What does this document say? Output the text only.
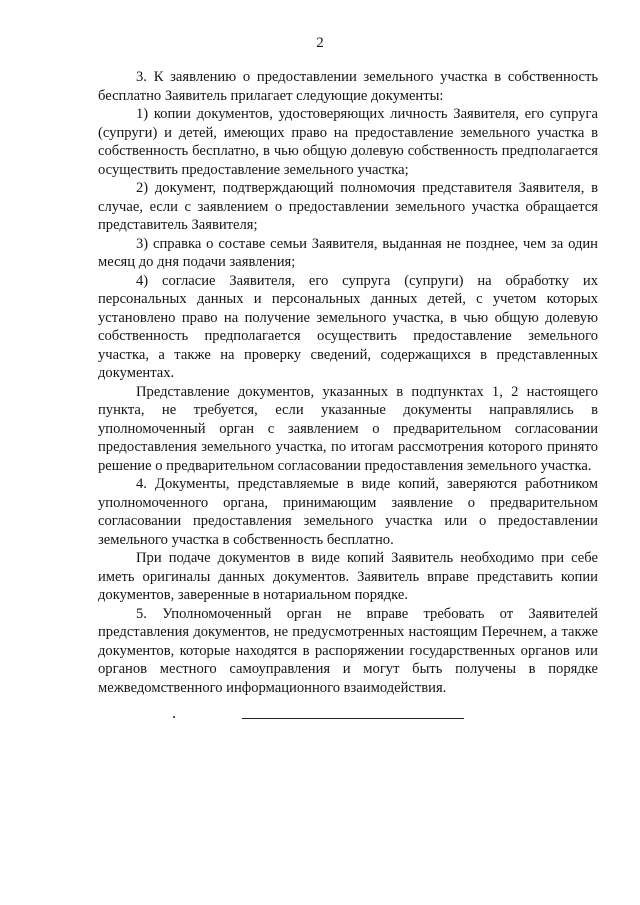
2

3. К заявлению о предоставлении земельного участка в собственность бесплатно Заявитель прилагает следующие документы:

1) копии документов, удостоверяющих личность Заявителя, его супруга (супруги) и детей, имеющих право на предоставление земельного участка в собственность бесплатно, в чью общую долевую собственность предполагается осуществить предоставление земельного участка;

2) документ, подтверждающий полномочия представителя Заявителя, в случае, если с заявлением о предоставлении земельного участка обращается представитель Заявителя;

3) справка о составе семьи Заявителя, выданная не позднее, чем за один месяц до дня подачи заявления;

4) согласие Заявителя, его супруга (супруги) на обработку их персональных данных и персональных данных детей, с учетом которых установлено право на получение земельного участка, в чью общую долевую собственность предполагается осуществить предоставление земельного участка, а также на проверку сведений, содержащихся в представленных документах.

Представление документов, указанных в подпунктах 1, 2 настоящего пункта, не требуется, если указанные документы направлялись в уполномоченный орган с заявлением о предварительном согласовании предоставления земельного участка, по итогам рассмотрения которого принято решение о предварительном согласовании предоставления земельного участка.

4. Документы, представляемые в виде копий, заверяются работником уполномоченного органа, принимающим заявление о предварительном согласовании предоставления земельного участка или о предоставлении земельного участка в собственность бесплатно.

При подаче документов в виде копий Заявитель необходимо при себе иметь оригиналы данных документов. Заявитель вправе представить копии документов, заверенные в нотариальном порядке.

5. Уполномоченный орган не вправе требовать от Заявителей представления документов, не предусмотренных настоящим Перечнем, а также документов, которые находятся в распоряжении государственных органов или органов местного самоуправления и могут быть получены в порядке межведомственного информационного взаимодействия.
